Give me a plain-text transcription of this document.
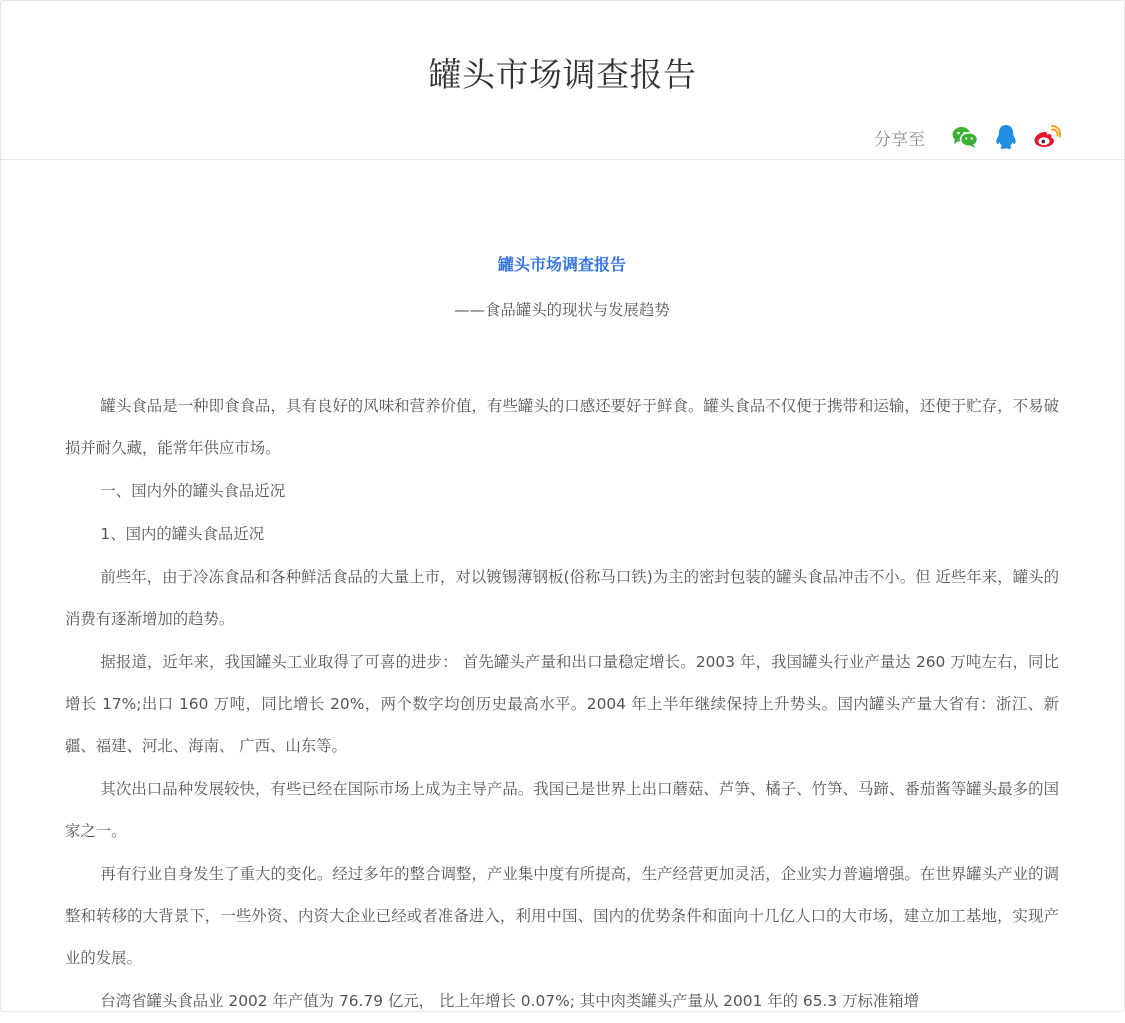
罐头市场调查报告
分享至

罐头市场调查报告

——食品罐头的现状与发展趋势

罐头食品是一种即食食品，具有良好的风味和营养价值，有些罐头的口感还要好于鲜食。罐头食品不仅便于携带和运输，还便于贮存，不易破损并耐久藏，能常年供应市场。

一、国内外的罐头食品近况

1、国内的罐头食品近况

前些年，由于冷冻食品和各种鲜活食品的大量上市，对以镀锡薄钢板(俗称马口铁)为主的密封包装的罐头食品冲击不小。但 近些年来，罐头的消费有逐渐增加的趋势。

据报道，近年来，我国罐头工业取得了可喜的进步： 首先罐头产量和出口量稳定增长。2003 年，我国罐头行业产量达 260 万吨左右，同比增长 17%;出口 160 万吨，同比增长 20%，两个数字均创历史最高水平。2004 年上半年继续保持上升势头。国内罐头产量大省有：浙江、新疆、福建、河北、海南、 广西、山东等。

其次出口品种发展较快，有些已经在国际市场上成为主导产品。我国已是世界上出口蘑菇、芦笋、橘子、竹笋、马蹄、番茄酱等罐头最多的国家之一。

再有行业自身发生了重大的变化。经过多年的整合调整，产业集中度有所提高，生产经营更加灵活，企业实力普遍增强。在世界罐头产业的调整和转移的大背景下，一些外资、内资大企业已经或者准备进入，利用中国、国内的优势条件和面向十几亿人口的大市场，建立加工基地，实现产业的发展。

台湾省罐头食品业 2002 年产值为 76.79 亿元， 比上年增长 0.07%; 其中肉类罐头产量从 2001 年的 65.3 万标准箱增
